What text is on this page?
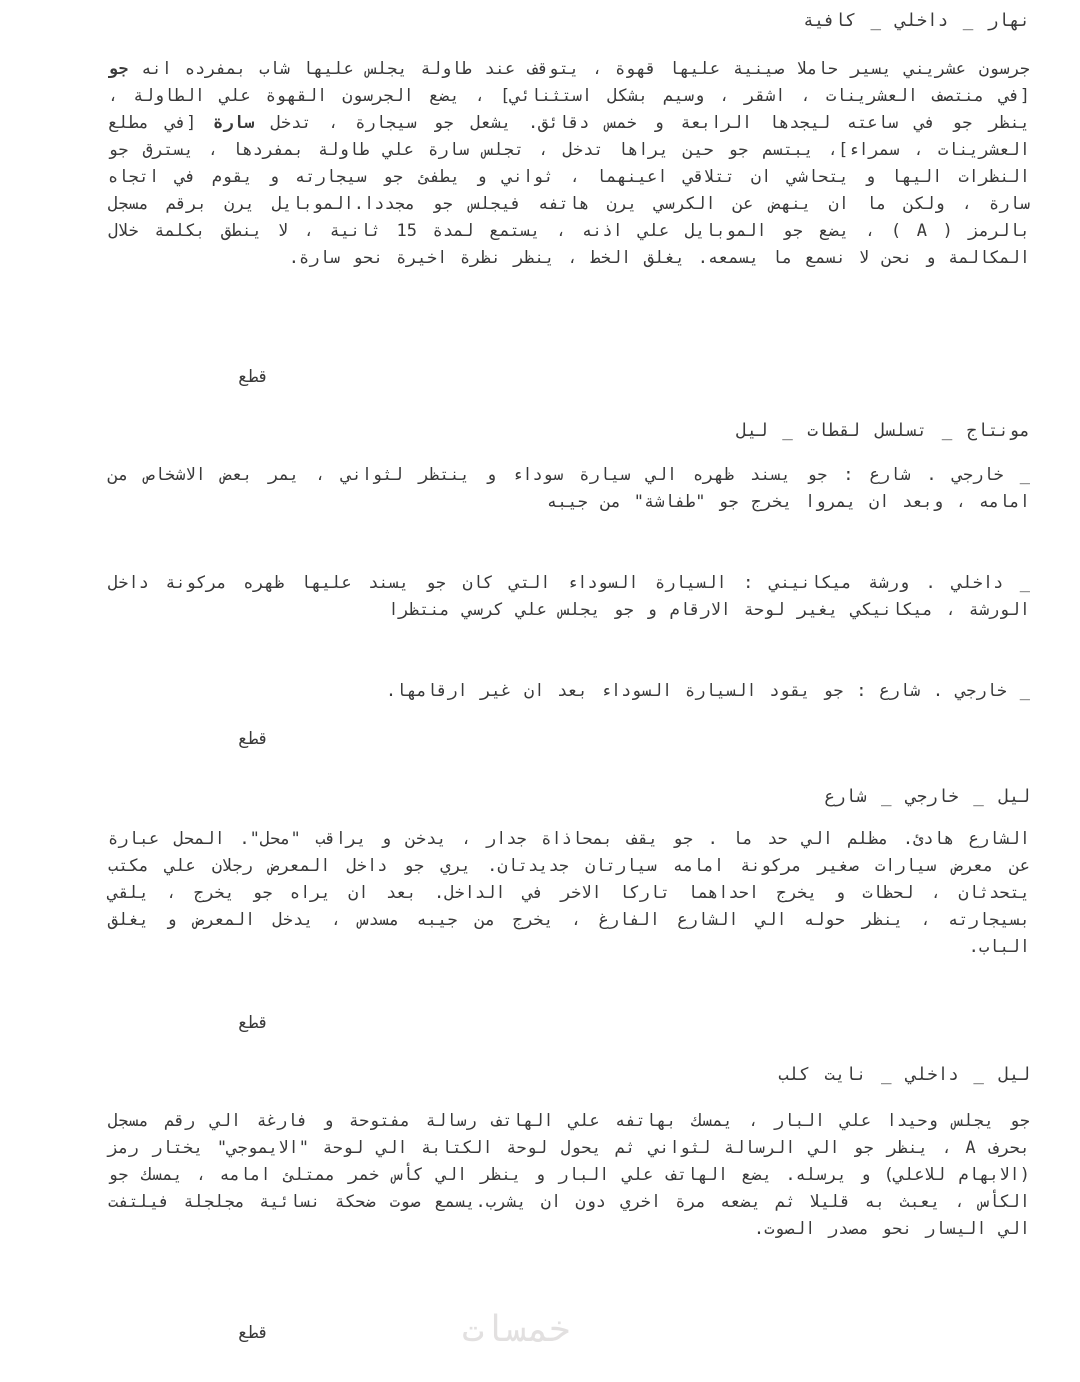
نهار _ داخلي _ كافية

جرسون عشريني يسير حاملا صينية عليها قهوة ، يتوقف عند طاولة يجلس عليها شاب بمفرده انه جو [في منتصف العشرينات ، اشقر ، وسيم بشكل استثنائي] ، يضع الجرسون القهوة علي الطاولة ، ينظر جو في ساعته ليجدها الرابعة و خمس دقائق. يشعل جو سيجارة ، تدخل سارة [في مطلع العشرينات ، سمراء]، يبتسم جو حين يراها تدخل ، تجلس سارة علي طاولة بمفردها ، يسترق جو النظرات اليها و يتحاشي ان تتلاقي اعينهما ، ثواني و يطفئ جو سيجارته و يقوم في اتجاه سارة ، ولكن ما ان ينهض عن الكرسي يرن هاتفه فيجلس جو مجددا.الموبايل يرن برقم مسجل بالرمز ( A ) ، يضع جو الموبايل علي اذنه ، يستمع لمدة 15 ثانية ، لا ينطق بكلمة خلال المكالمة و نحن لا نسمع ما يسمعه. يغلق الخط ، ينظر نظرة اخيرة نحو سارة.

قطع
مونتاج _ تسلسل لقطات _ ليل

_ خارجي . شارع : جو يسند ظهره الي سيارة سوداء و ينتظر لثواني ، يمر بعض الاشخاص من امامه ، وبعد ان يمروا يخرج جو "طفاشة" من جيبه

_ داخلي . ورشة ميكانيني : السيارة السوداء التي كان جو يسند عليها ظهره مركونة داخل الورشة ، ميكانيكي يغير لوحة الارقام و جو يجلس علي كرسي منتظرا

_ خارجي . شارع : جو يقود السيارة السوداء بعد ان غير ارقامها.

قطع
ليل _ خارجي _ شارع

الشارع هادئ. مظلم الي حد ما . جو يقف بمحاذاة جدار ، يدخن و يراقب "محل". المحل عبارة عن معرض سيارات صغير مركونة امامه سيارتان جديدتان. يري جو داخل المعرض رجلان علي مكتب يتحدثان ، لحظات و يخرج احداهما تاركا الاخر في الداخل. بعد ان يراه جو يخرج ، يلقي بسيجارته ، ينظر حوله الي الشارع الفارغ ، يخرج من جيبه مسدس ، يدخل المعرض و يغلق الباب.

قطع
ليل _ داخلي _ نايت كلب

جو يجلس وحيدا علي البار ، يمسك بهاتفه علي الهاتف رسالة مفتوحة و فارغة الي رقم مسجل بحرف A ، ينظر جو الي الرسالة لثواني ثم يحول لوحة الكتابة الي لوحة "الايموجي" يختار رمز (الابهام للاعلي) و يرسله. يضع الهاتف علي البار و ينظر الي كأس خمر ممتلئ امامه ، يمسك جو الكأس ، يعبث به قليلا ثم يضعه مرة اخري دون ان يشرب.يسمع صوت ضحكة نسائية مجلجلة فيلتفت الي اليسار نحو مصدر الصوت.

قطع	خمسات
